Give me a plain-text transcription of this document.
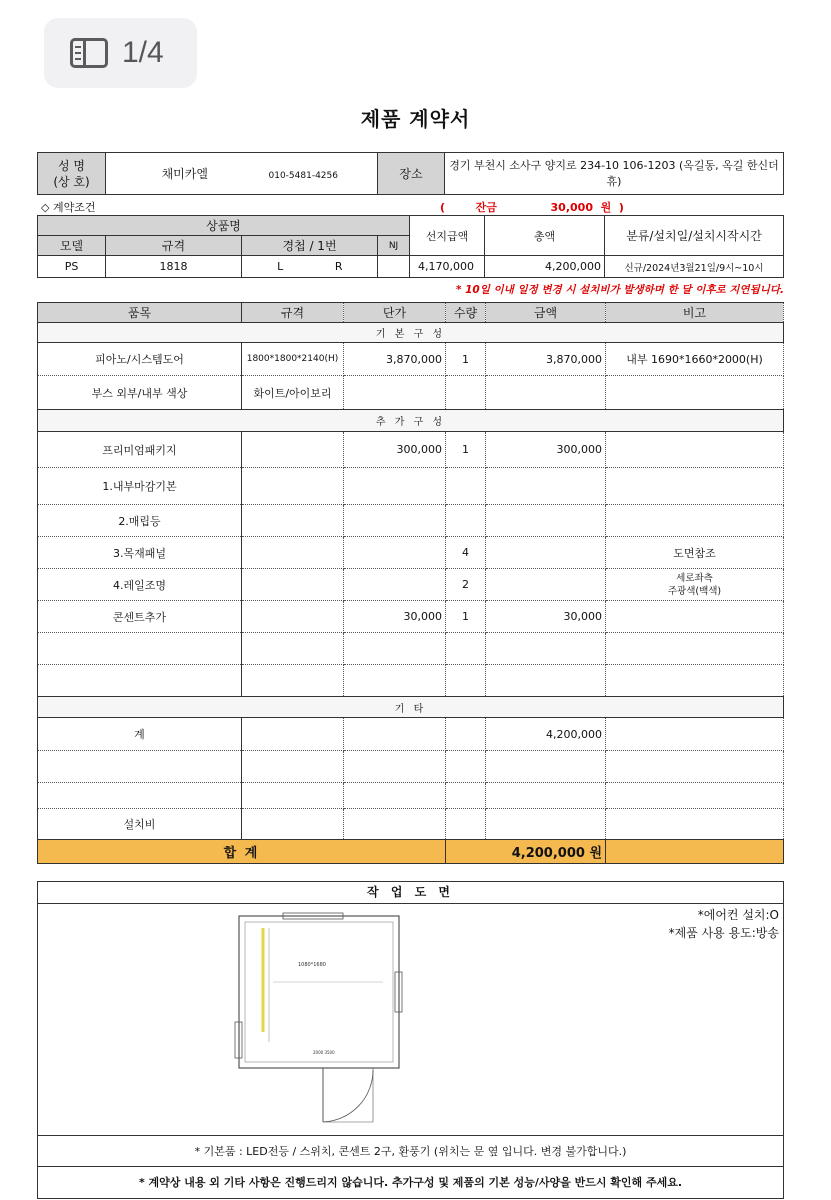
1/4
제품 계약서
성 명
(상 호)	채미카엘	010-5481-4256	장소	경기 부천시 소사구 양지로 234-10 106-1203 (옥길동, 옥길 한신더휴)
◇ 계약조건	(        잔금              30,000  원  )
상품명				선지급액	총액	분류/설치일/설치시작시간
모델	규격	경첩 / 1번	NJ			
PS	1818	L R		4,170,000	4,200,000	신규/2024년3월21일/9시~10시
* 10일 이내 일정 변경 시 설치비가 발생하며 한 달 이후로 지연됩니다.
품목	규격	단가	수량	금액	비고
기 본 구 성					
피아노/시스템도어	1800*1800*2140(H)	3,870,000	1	3,870,000	내부 1690*1660*2000(H)
부스 외부/내부 색상	화이트/아이보리				
추 가 구 성					
프리미엄패키지		300,000	1	300,000	
1.내부마감기본					
2.매립등					
3.목재패널			4		도면참조
4.레일조명			2		세로좌측
주광색(백색)
콘센트추가		30,000	1	30,000	

기 타					
계				4,200,000	

설치비					
합 계			4,200,000 원		
작 업 도 면
*에어컨 설치:O
*제품 사용 용도:방송
1080*1680
2000 3500
* 기본품 : LED전등 / 스위치, 콘센트 2구, 환풍기 (위치는 문 옆 입니다. 변경 불가합니다.)
* 계약상 내용 외 기타 사항은 진행드리지 않습니다. 추가구성 및 제품의 기본 성능/사양을 반드시 확인해 주세요.
